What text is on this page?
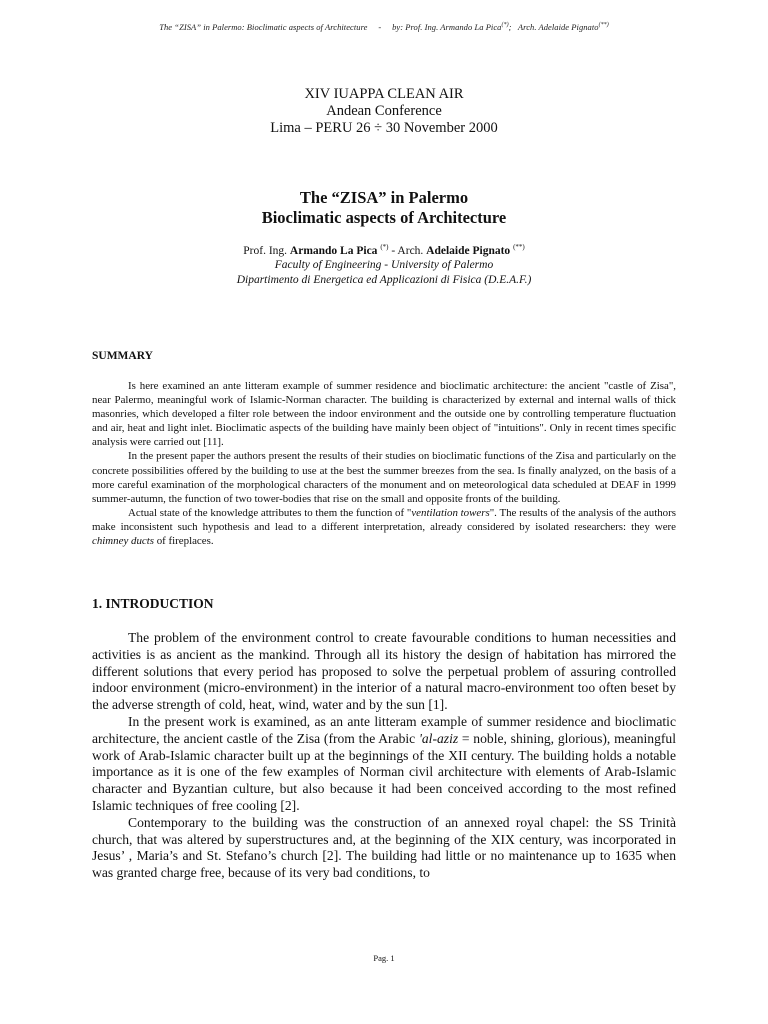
The “ZISA” in Palermo: Bioclimatic aspects of Architecture - by: Prof. Ing. Armando La Pica(*); Arch. Adelaide Pignato(**)
XIV IUAPPA CLEAN AIR
Andean Conference
Lima – PERU 26 ÷ 30 November 2000
The “ZISA” in Palermo
Bioclimatic aspects of Architecture
Prof. Ing. Armando La Pica (*) - Arch. Adelaide Pignato (**)
Faculty of Engineering - University of Palermo
Dipartimento di Energetica ed Applicazioni di Fisica (D.E.A.F.)
SUMMARY

Is here examined an ante litteram example of summer residence and bioclimatic architecture: the ancient "castle of Zisa", near Palermo, meaningful work of Islamic-Norman character. The building is characterized by external and internal walls of thick masonries, which developed a filter role between the indoor environment and the outside one by controlling temperature fluctuation and air, heat and light inlet. Bioclimatic aspects of the building have mainly been object of "intuitions". Only in recent times specific analysis were carried out [11].

In the present paper the authors present the results of their studies on bioclimatic functions of the Zisa and particularly on the concrete possibilities offered by the building to use at the best the summer breezes from the sea. Is finally analyzed, on the basis of a more careful examination of the morphological characters of the monument and on meteorological data scheduled at DEAF in 1999 summer-autumn, the function of two tower-bodies that rise on the small and opposite fronts of the building.

Actual state of the knowledge attributes to them the function of "ventilation towers". The results of the analysis of the authors make inconsistent such hypothesis and lead to a different interpretation, already considered by isolated researchers: they were chimney ducts of fireplaces.

1. INTRODUCTION

The problem of the environment control to create favourable conditions to human necessities and activities is as ancient as the mankind. Through all its history the design of habitation has mirrored the different solutions that every period has proposed to solve the perpetual problem of assuring controlled indoor environment (micro-environment) in the interior of a natural macro-environment too often beset by the adverse strength of cold, heat, wind, water and by the sun [1].

In the present work is examined, as an ante litteram example of summer residence and bioclimatic architecture, the ancient castle of the Zisa (from the Arabic 'al-aziz = noble, shining, glorious), meaningful work of Arab-Islamic character built up at the beginnings of the XII century. The building holds a notable importance as it is one of the few examples of Norman civil architecture with elements of Arab-Islamic character and Byzantian culture, but also because it had been conceived according to the most refined Islamic techniques of free cooling [2].

Contemporary to the building was the construction of an annexed royal chapel: the SS Trinità church, that was altered by superstructures and, at the beginning of the XIX century, was incorporated in Jesus’ , Maria’s and St. Stefano’s church [2]. The building had little or no maintenance up to 1635 when was granted charge free, because of its very bad conditions, to

Pag. 1
